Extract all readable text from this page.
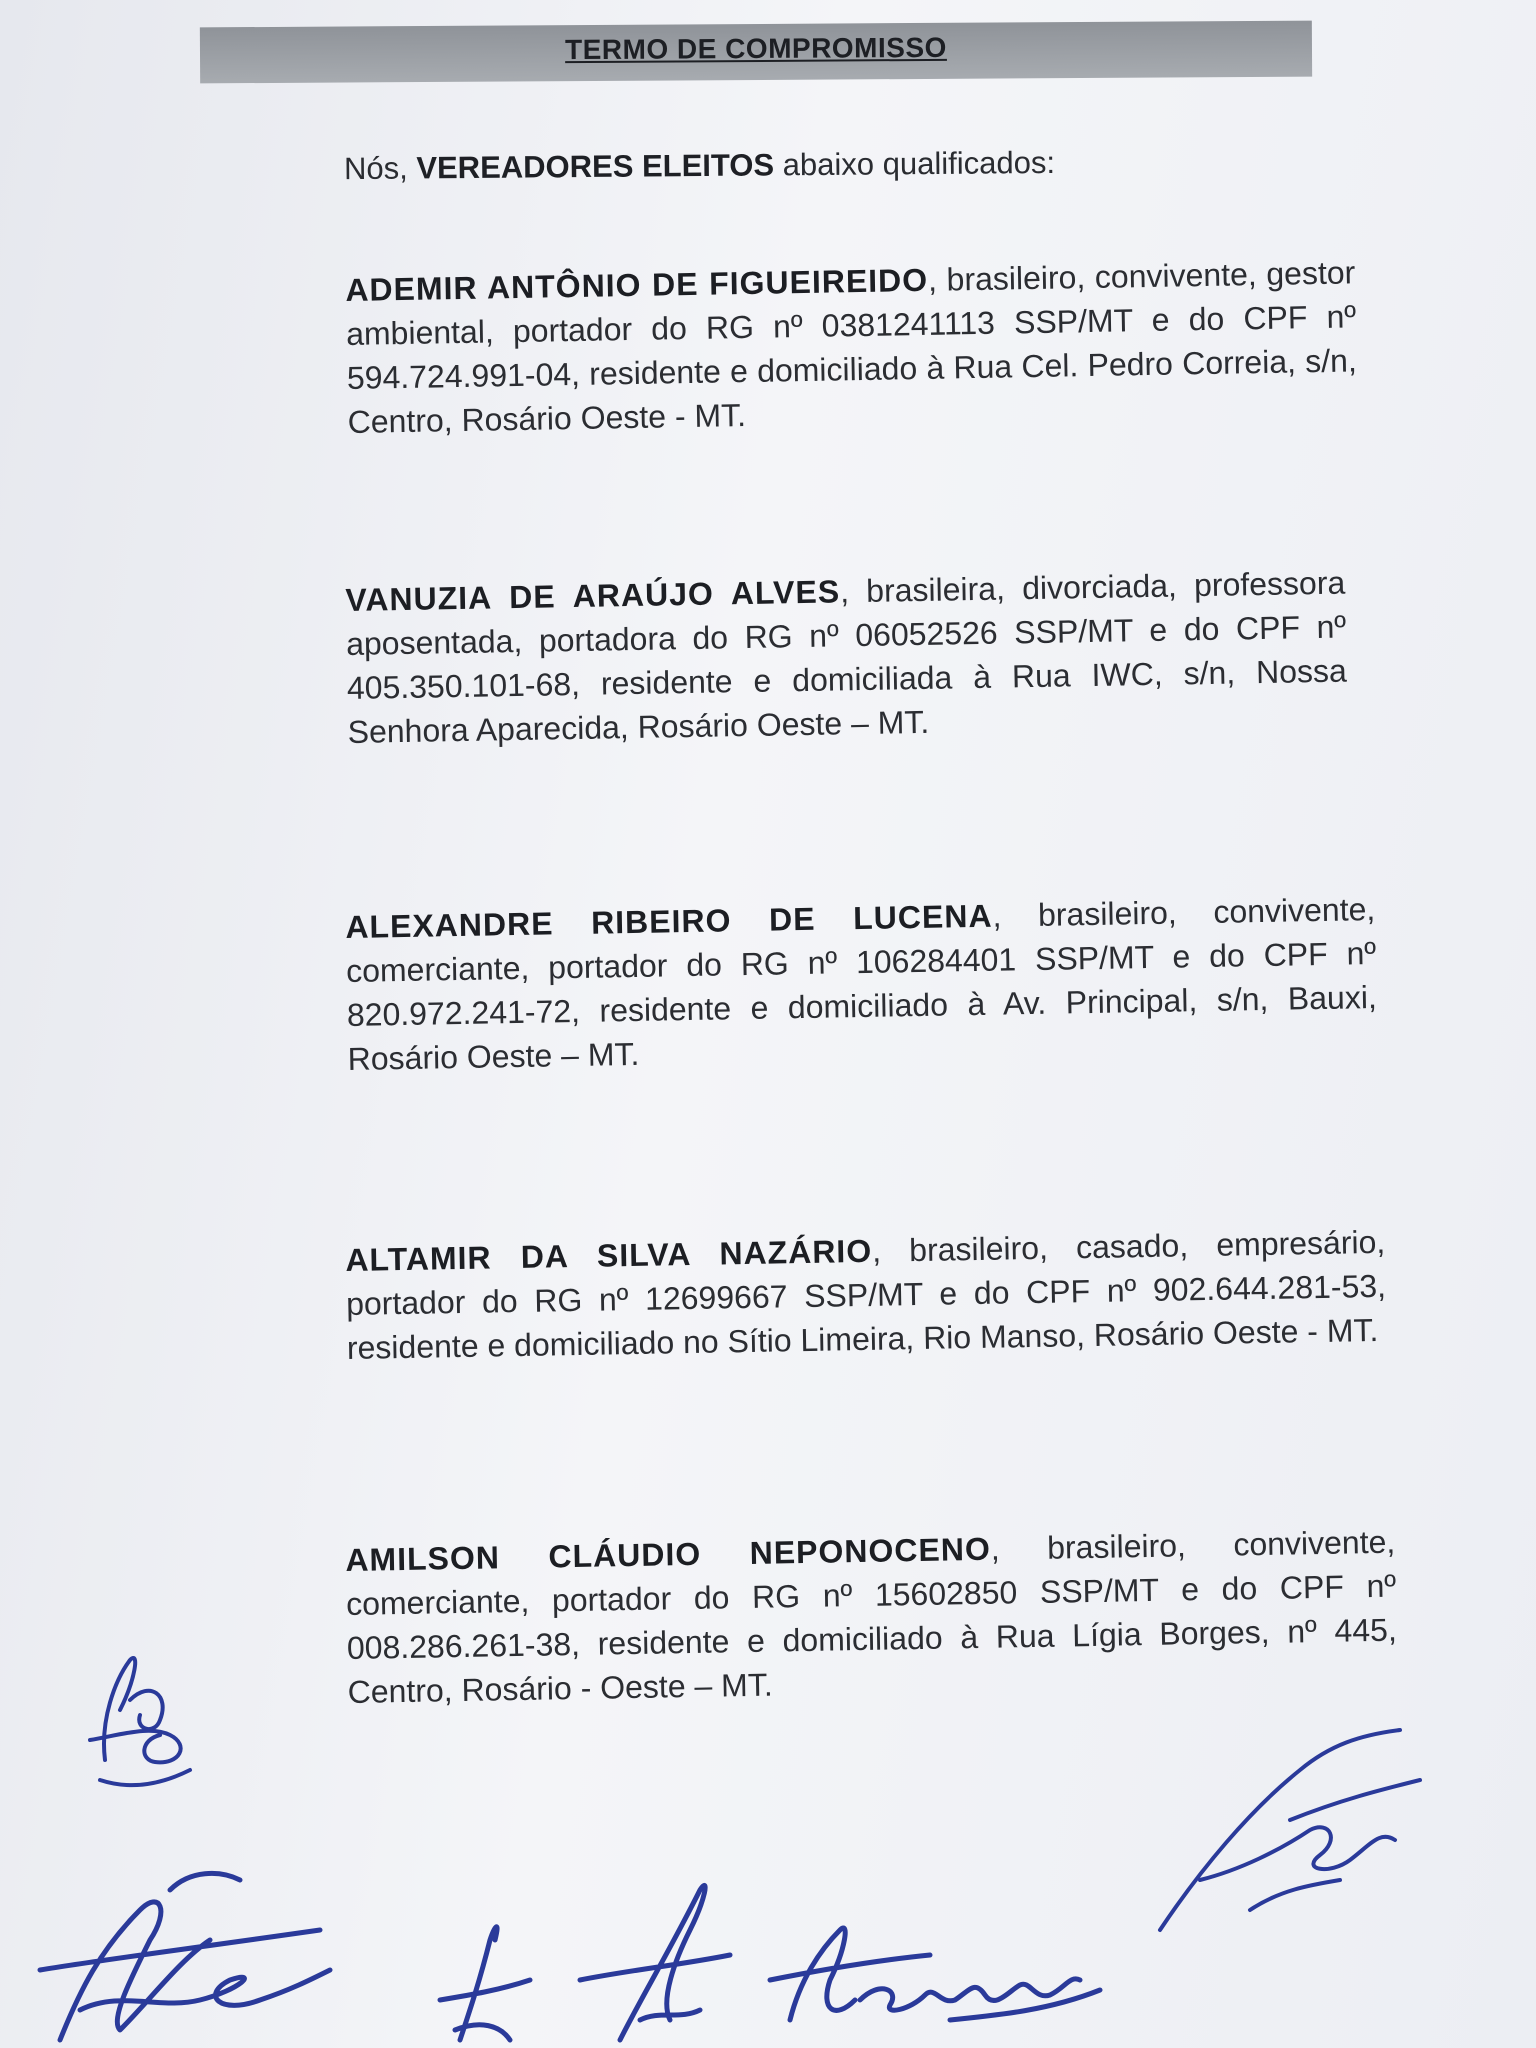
TERMO DE COMPROMISSO
Nós, VEREADORES ELEITOS abaixo qualificados:

ADEMIR ANTÔNIO DE FIGUEIREIDO, brasileiro, convivente, gestor ambiental, portador do RG nº 0381241113 SSP/MT e do CPF nº 594.724.991-04, residente e domiciliado à Rua Cel. Pedro Correia, s/n, Centro, Rosário Oeste - MT.

VANUZIA DE ARAÚJO ALVES, brasileira, divorciada, professora aposentada, portadora do RG nº 06052526 SSP/MT e do CPF nº 405.350.101-68, residente e domiciliada à Rua IWC, s/n, Nossa Senhora Aparecida, Rosário Oeste – MT.

ALEXANDRE RIBEIRO DE LUCENA, brasileiro, convivente, comerciante, portador do RG nº 106284401 SSP/MT e do CPF nº 820.972.241-72, residente e domiciliado à Av. Principal, s/n, Bauxi, Rosário Oeste – MT.

ALTAMIR DA SILVA NAZÁRIO, brasileiro, casado, empresário, portador do RG nº 12699667 SSP/MT e do CPF nº 902.644.281-53, residente e domiciliado no Sítio Limeira, Rio Manso, Rosário Oeste - MT.

AMILSON CLÁUDIO NEPONOCENO, brasileiro, convivente, comerciante, portador do RG nº 15602850 SSP/MT e do CPF nº 008.286.261-38, residente e domiciliado à Rua Lígia Borges, nº 445, Centro, Rosário - Oeste – MT.
